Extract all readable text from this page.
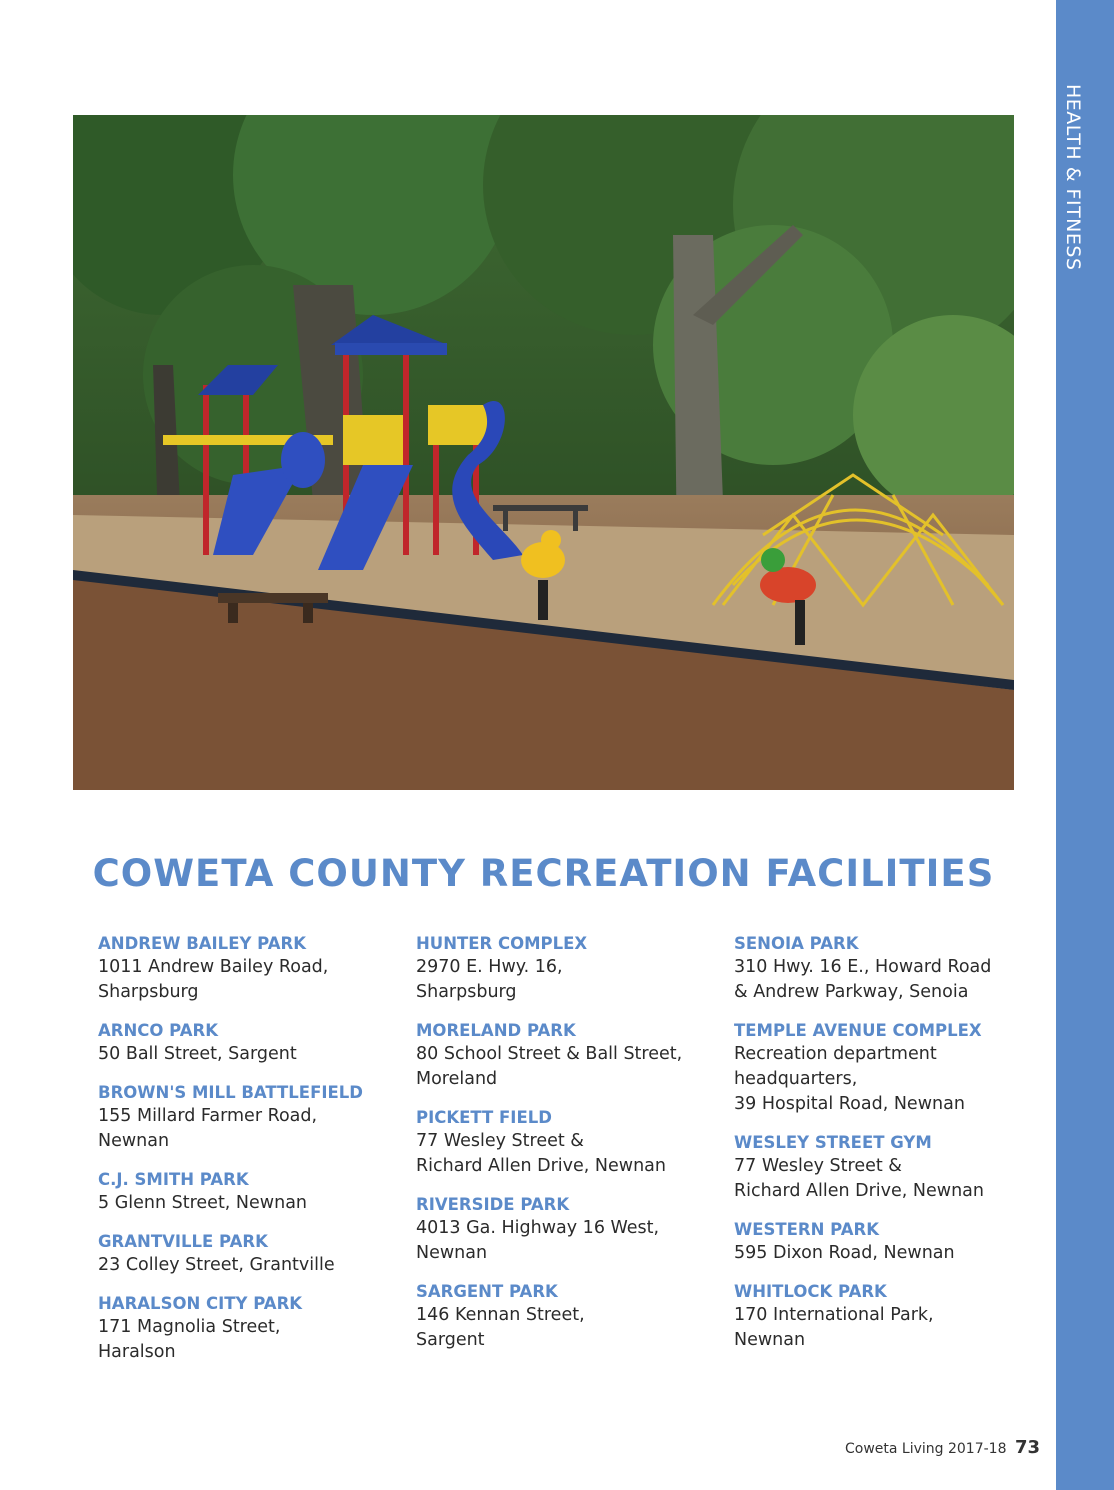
HEALTH & FITNESS
COWETA COUNTY RECREATION FACILITIES
ANDREW BAILEY PARK
1011 Andrew Bailey Road,
Sharpsburg
ARNCO PARK
50 Ball Street, Sargent
BROWN'S MILL BATTLEFIELD
155 Millard Farmer Road,
Newnan
C.J. SMITH PARK
5 Glenn Street, Newnan
GRANTVILLE PARK
23 Colley Street, Grantville
HARALSON CITY PARK
171 Magnolia Street,
Haralson
HUNTER COMPLEX
2970 E. Hwy. 16,
Sharpsburg
MORELAND PARK
80 School Street & Ball Street,
Moreland
PICKETT FIELD
77 Wesley Street &
Richard Allen Drive, Newnan
RIVERSIDE PARK
4013 Ga. Highway 16 West,
Newnan
SARGENT PARK
146 Kennan Street,
Sargent
SENOIA PARK
310 Hwy. 16 E., Howard Road
& Andrew Parkway, Senoia
TEMPLE AVENUE COMPLEX
Recreation department
headquarters,
39 Hospital Road, Newnan
WESLEY STREET GYM
77 Wesley Street &
Richard Allen Drive, Newnan
WESTERN PARK
595 Dixon Road, Newnan
WHITLOCK PARK
170 International Park,
Newnan
Coweta Living 2017-18 73
